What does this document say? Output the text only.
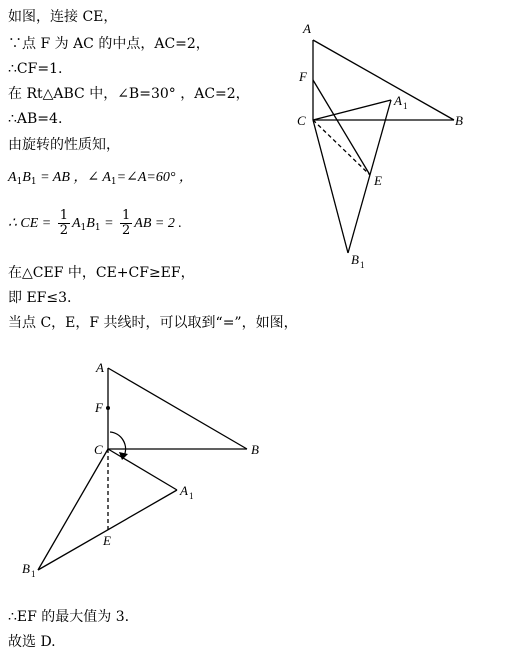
如图，连接 CE，
∵点 F 为 AC 的中点，AC=2，
∴CF=1.
在 Rt△ABC 中，∠B=30° ，AC=2，
∴AB=4.
由旋转的性质知，
$A_1B_1$ = AB ，∠ $A_1=\angle A=60^\circ$ ，
∴ CE = $\frac{1}{2} A_1B_1 = \frac{1}{2}$ AB = 2 .
在△CEF 中，CE+CF≥EF，
即 EF≤3.
当点 C，E，F 共线时，可以取到“=”，如图，
∴EF 的最大值为 3.
故选 D.
A
F
C	B
A 1
E
B 1
A
F
C	B
A 1
E
B 1
